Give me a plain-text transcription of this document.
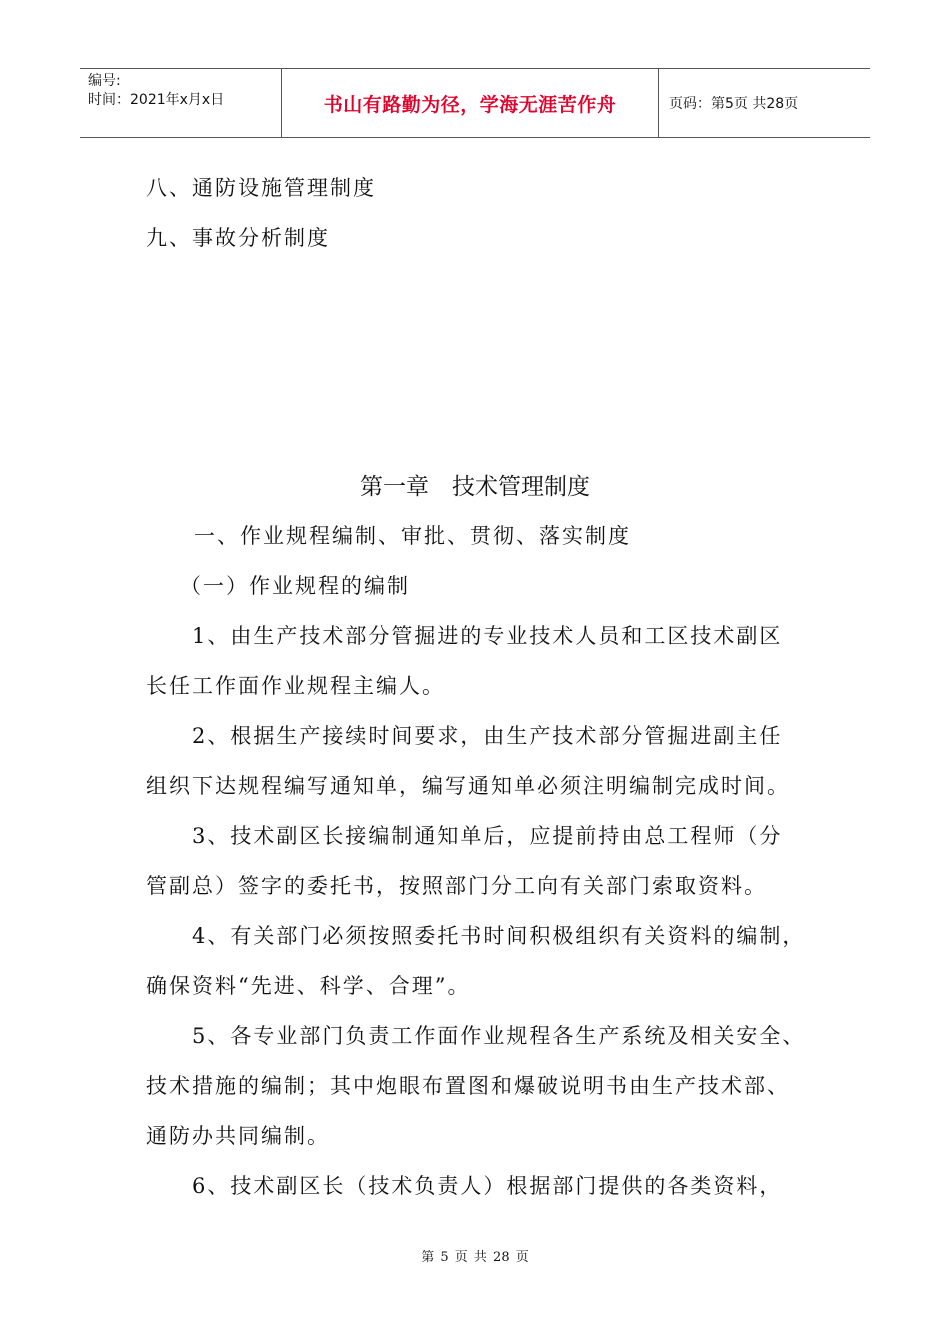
编号:
时间：2021年x月x日	书山有路勤为径，学海无涯苦作舟	页码：第5页 共28页
八、通防设施管理制度
九、事故分析制度
第一章　技术管理制度
一、作业规程编制、审批、贯彻、落实制度
（一）作业规程的编制
1、由生产技术部分管掘进的专业技术人员和工区技术副区
长任工作面作业规程主编人。
2、根据生产接续时间要求，由生产技术部分管掘进副主任
组织下达规程编写通知单，编写通知单必须注明编制完成时间。
3、技术副区长接编制通知单后，应提前持由总工程师（分
管副总）签字的委托书，按照部门分工向有关部门索取资料。
4、有关部门必须按照委托书时间积极组织有关资料的编制，
确保资料“先进、科学、合理”。
5、各专业部门负责工作面作业规程各生产系统及相关安全、
技术措施的编制；其中炮眼布置图和爆破说明书由生产技术部、
通防办共同编制。
6、技术副区长（技术负责人）根据部门提供的各类资料，
第 5 页 共 28 页
